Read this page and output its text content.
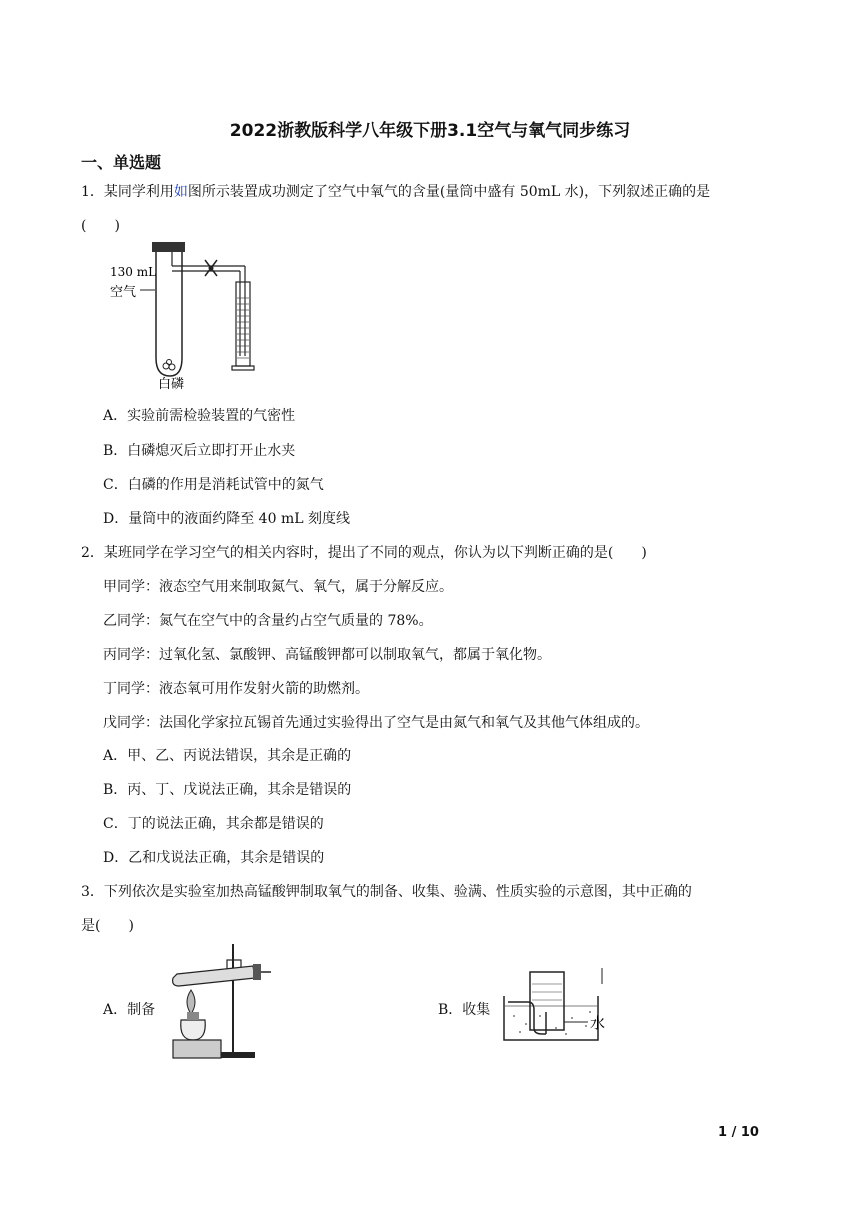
2022浙教版科学八年级下册3.1空气与氧气同步练习
一、单选题
1．某同学利用如图所示装置成功测定了空气中氧气的含量(量筒中盛有 50mL 水)，下列叙述正确的是
(　　)
130 mL
空气
白磷
A．实验前需检验装置的气密性
B．白磷熄灭后立即打开止水夹
C．白磷的作用是消耗试管中的氮气
D．量筒中的液面约降至 40 mL 刻度线
2．某班同学在学习空气的相关内容时，提出了不同的观点，你认为以下判断正确的是(　　)
甲同学：液态空气用来制取氮气、氧气，属于分解反应。
乙同学：氮气在空气中的含量约占空气质量的 78%。
丙同学：过氧化氢、氯酸钾、高锰酸钾都可以制取氧气，都属于氧化物。
丁同学：液态氧可用作发射火箭的助燃剂。
戊同学：法国化学家拉瓦锡首先通过实验得出了空气是由氮气和氧气及其他气体组成的。
A．甲、乙、丙说法错误，其余是正确的
B．丙、丁、戊说法正确，其余是错误的
C．丁的说法正确，其余都是错误的
D．乙和戊说法正确，其余是错误的
3．下列依次是实验室加热高锰酸钾制取氧气的制备、收集、验满、性质实验的示意图，其中正确的
是(　　)
A．制备	B．收集
水
1 / 10
